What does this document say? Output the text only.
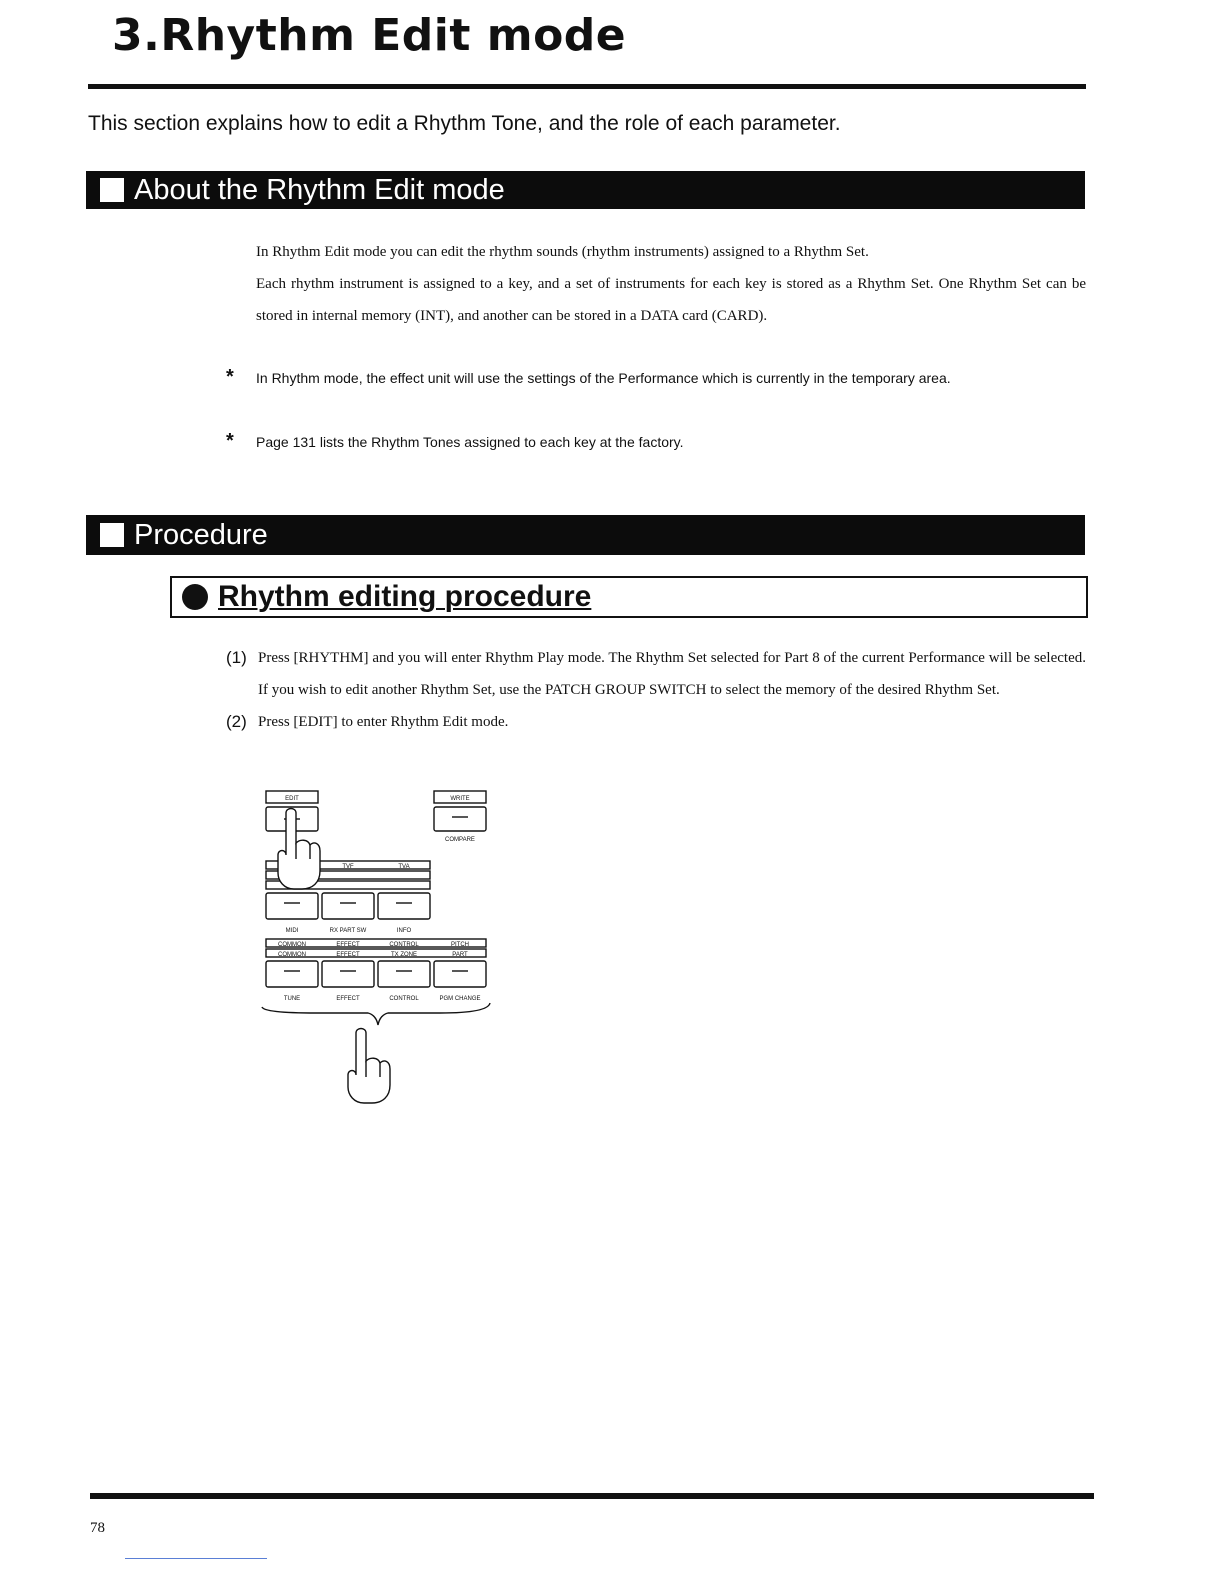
3.Rhythm Edit mode
This section explains how to edit a Rhythm Tone, and the role of each parameter.
About the Rhythm Edit mode

In Rhythm Edit mode you can edit the rhythm sounds (rhythm instruments) assigned to a Rhythm Set.

Each rhythm instrument is assigned to a key, and a set of instruments for each key is stored as a Rhythm Set. One Rhythm Set can be stored in internal memory (INT), and another can be stored in a DATA card (CARD).

*	In Rhythm mode, the effect unit will use the settings of the Performance which is currently in the temporary area.
*	Page 131 lists the Rhythm Tones assigned to each key at the factory.
Procedure
Rhythm editing procedure
(1) Press [RHYTHM] and you will enter Rhythm Play mode. The Rhythm Set selected for Part 8 of the current Performance will be selected. If you wish to edit another Rhythm Set, use the PATCH GROUP SWITCH to select the memory of the desired Rhythm Set.
(2) Press [EDIT] to enter Rhythm Edit mode.
EDIT	WRITE
COMPARE
TVF	TVA
MIDI	RX PART SW	INFO
COMMON	EFFECT	CONTROL	PITCH
COMMON	EFFECT	TX ZONE	PART
TUNE	EFFECT	CONTROL	PGM CHANGE
78
